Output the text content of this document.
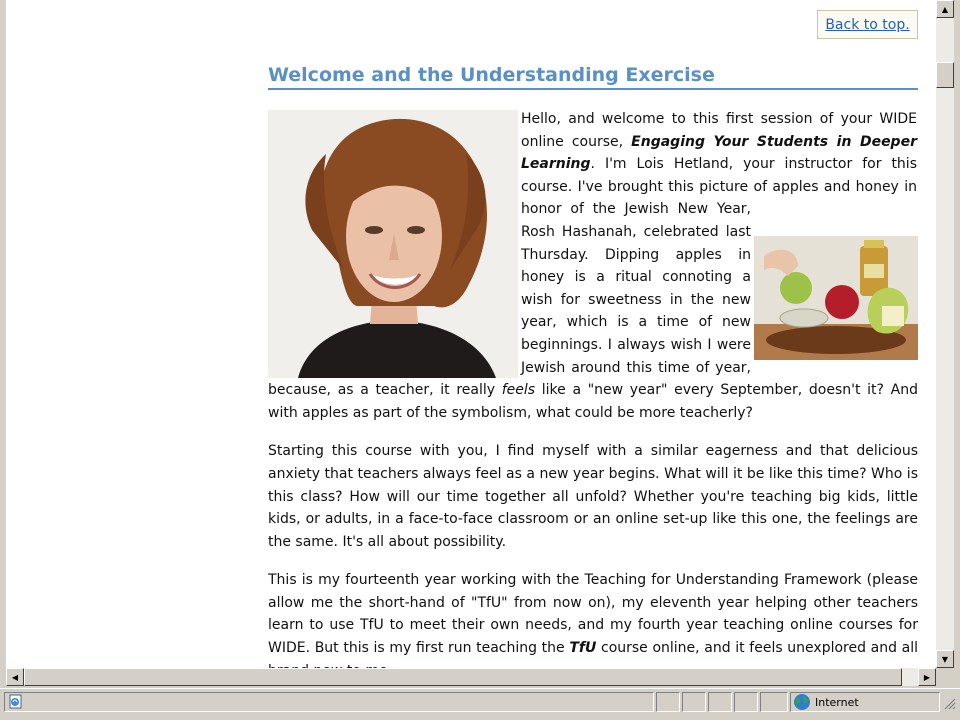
Back to top.
Welcome and the Understanding Exercise

Hello, and welcome to this first session of your WIDE online course, Engaging Your Students in Deeper Learning. I'm Lois Hetland, your instructor for this course. I've brought this picture of apples and honey in honor of the Jewish New Year, Rosh Hashanah, celebrated last Thursday. Dipping apples in honey is a ritual connoting a wish for sweetness in the new year, which is a time of new beginnings. I always wish I were Jewish around this time of year, because, as a teacher, it really feels like a "new year" every September, doesn't it? And with apples as part of the symbolism, what could be more teacherly?

Starting this course with you, I find myself with a similar eagerness and that delicious anxiety that teachers always feel as a new year begins. What will it be like this time? Who is this class? How will our time together all unfold? Whether you're teaching big kids, little kids, or adults, in a face-to-face classroom or an online set-up like this one, the feelings are the same. It's all about possibility.

This is my fourteenth year working with the Teaching for Understanding Framework (please allow me the short-hand of "TfU" from now on), my eleventh year helping other teachers learn to use TfU to meet their own needs, and my fourth year teaching online courses for WIDE. But this is my first run teaching the TfU course online, and it feels unexplored and all

▲
▼
◀	▶
Internet
